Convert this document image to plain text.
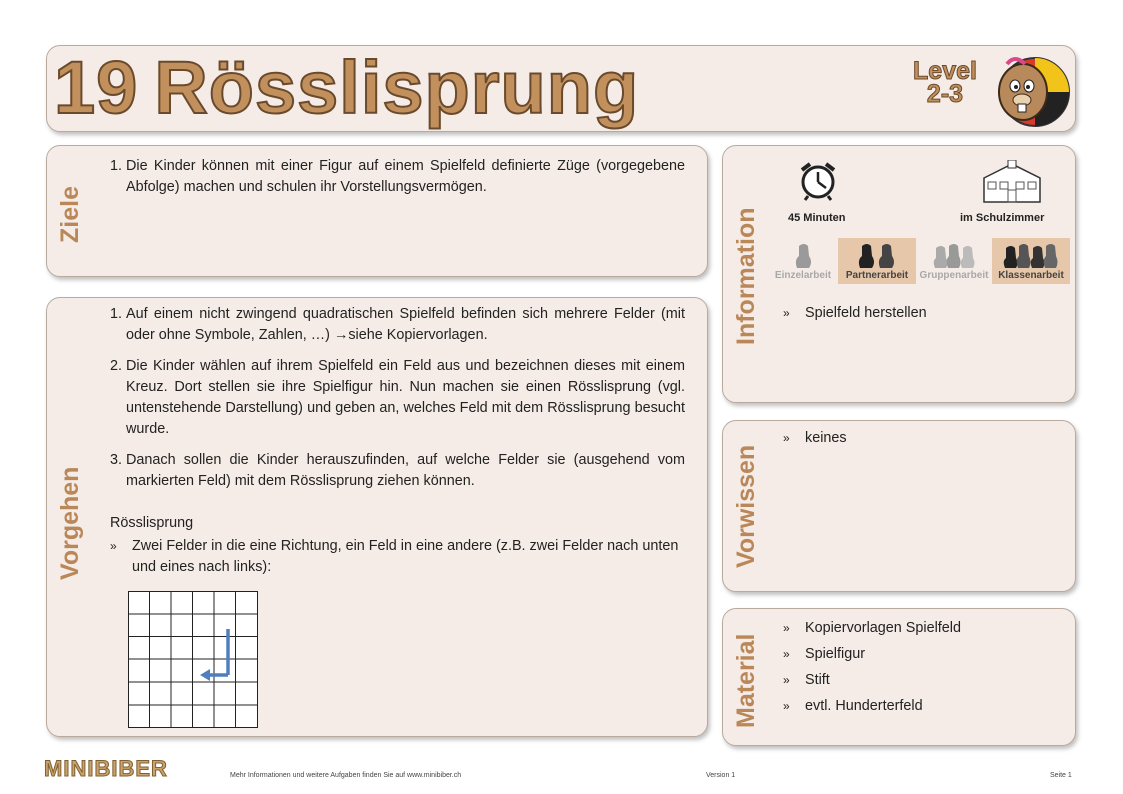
19 Rösslisprung	Level
2-3
Ziele
1. Die Kinder können mit einer Figur auf einem Spielfeld definierte Züge (vorgegebene Abfolge) machen und schulen ihr Vorstellungsvermögen.
Vorgehen
1. Auf einem nicht zwingend quadratischen Spielfeld befinden sich mehrere Felder (mit oder ohne Symbole, Zahlen, …) →siehe Kopiervorlagen.
2. Die Kinder wählen auf ihrem Spielfeld ein Feld aus und bezeichnen dieses mit einem Kreuz. Dort stellen sie ihre Spielfigur hin. Nun machen sie einen Rösslisprung (vgl. untenstehende Darstellung) und geben an, welches Feld mit dem Rösslisprung besucht wurde.
3. Danach sollen die Kinder herauszufinden, auf welche Felder sie (ausgehend vom markierten Feld) mit dem Rösslisprung ziehen können.
Rösslisprung
» Zwei Felder in die eine Richtung, ein Feld in eine andere (z.B. zwei Felder nach unten und eines nach links):
Information	45 Minuten	im Schulzimmer
Einzelarbeit	Partnerarbeit	Gruppenarbeit Klassenarbeit
» Spielfeld herstellen
Vorwissen
» keines
Material
» Kopiervorlagen Spielfeld
» Spielfigur
» Stift
» evtl. Hunderterfeld
MINIBIBER	Mehr Informationen und weitere Aufgaben finden Sie auf www.minibiber.ch	Version 1	Seite 1
